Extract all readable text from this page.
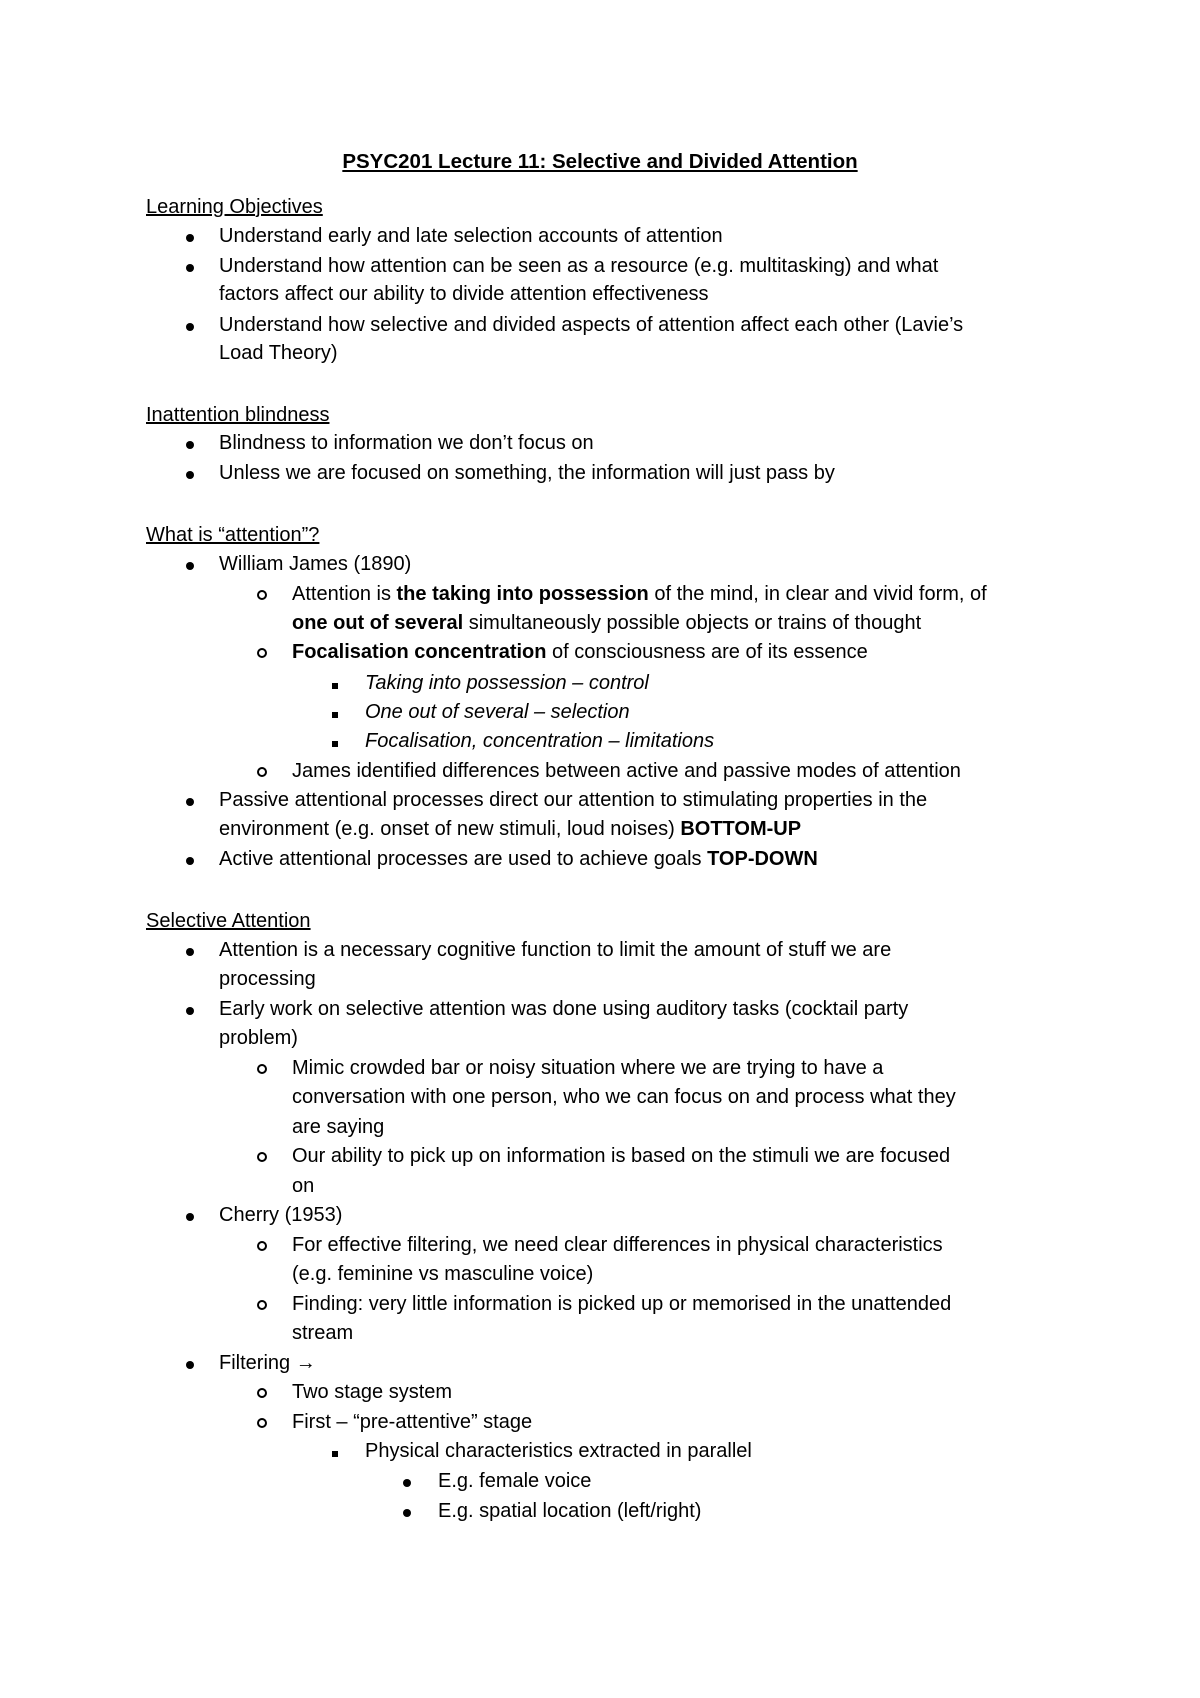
PSYC201 Lecture 11: Selective and Divided Attention
Learning Objectives
Understand early and late selection accounts of attention
Understand how attention can be seen as a resource (e.g. multitasking) and what
factors affect our ability to divide attention effectiveness
Understand how selective and divided aspects of attention affect each other (Lavie’s
Load Theory)
Inattention blindness
Blindness to information we don’t focus on
Unless we are focused on something, the information will just pass by
What is “attention”?
William James (1890)
Attention is the taking into possession of the mind, in clear and vivid form, of
one out of several simultaneously possible objects or trains of thought
Focalisation concentration of consciousness are of its essence
Taking into possession – control
One out of several – selection
Focalisation, concentration – limitations
James identified differences between active and passive modes of attention
Passive attentional processes direct our attention to stimulating properties in the
environment (e.g. onset of new stimuli, loud noises) BOTTOM-UP
Active attentional processes are used to achieve goals TOP-DOWN
Selective Attention
Attention is a necessary cognitive function to limit the amount of stuff we are
processing
Early work on selective attention was done using auditory tasks (cocktail party
problem)
Mimic crowded bar or noisy situation where we are trying to have a
conversation with one person, who we can focus on and process what they
are saying
Our ability to pick up on information is based on the stimuli we are focused
on
Cherry (1953)
For effective filtering, we need clear differences in physical characteristics
(e.g. feminine vs masculine voice)
Finding: very little information is picked up or memorised in the unattended
stream
Filtering →
Two stage system
First – “pre-attentive” stage
Physical characteristics extracted in parallel
E.g. female voice
E.g. spatial location (left/right)
